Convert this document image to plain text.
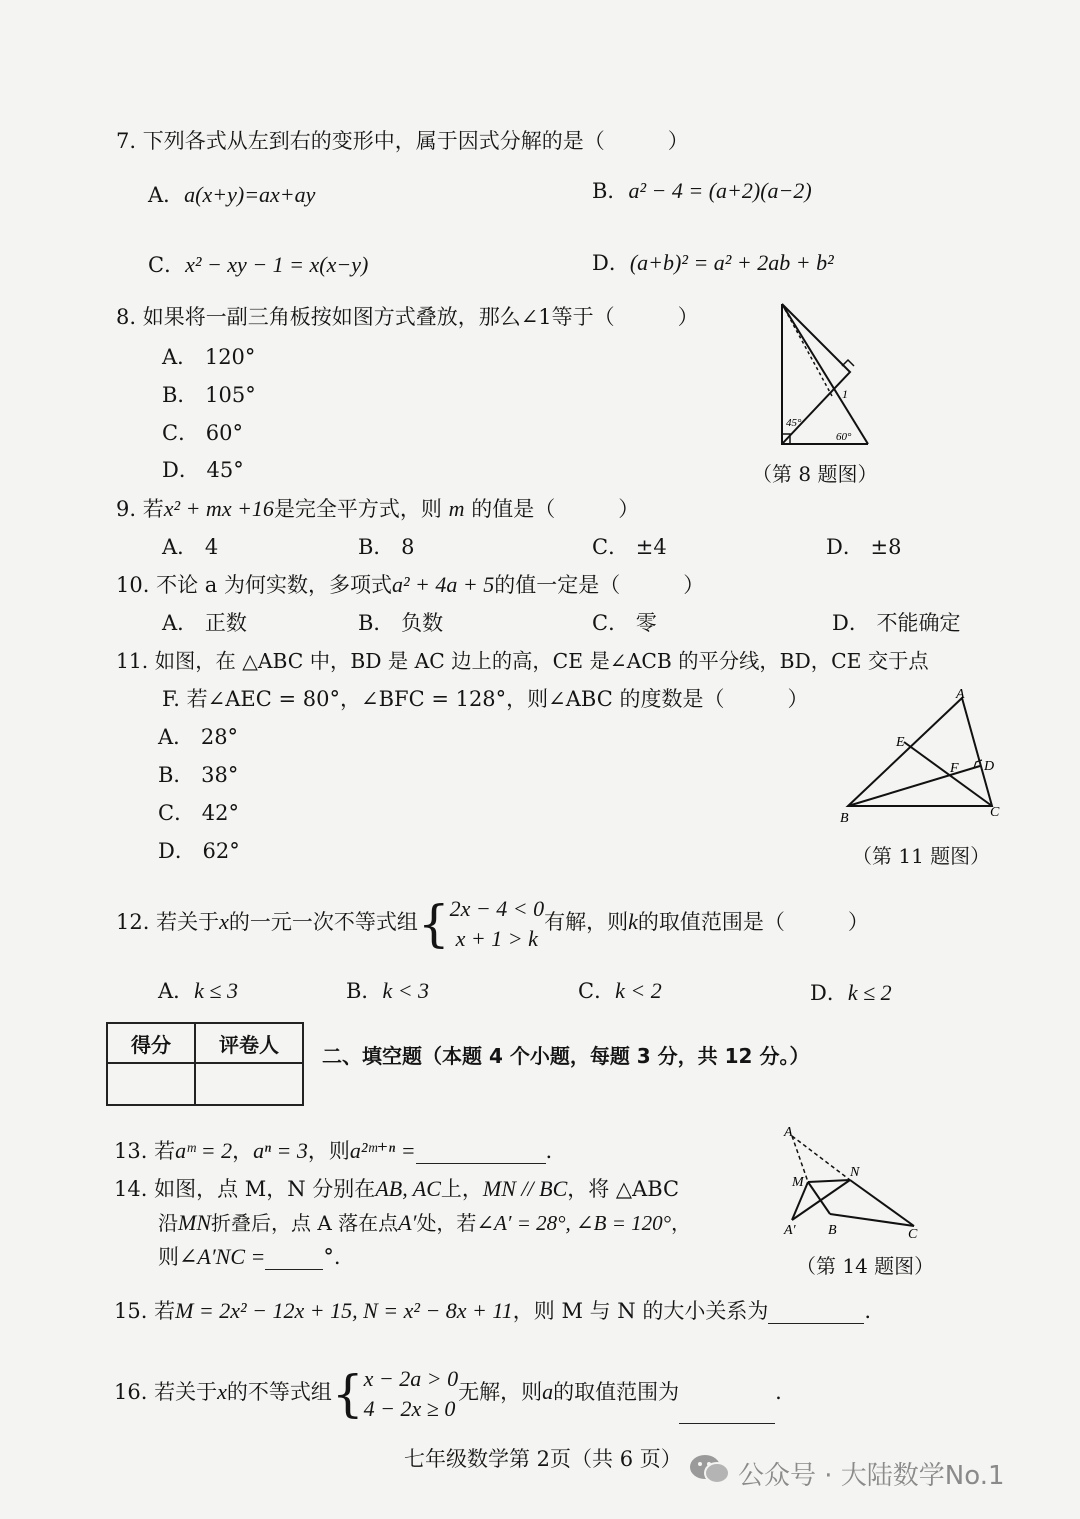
7. 下列各式从左到右的变形中，属于因式分解的是（　　　）
A．a(x+y)=ax+ay	B．a² − 4 = (a+2)(a−2)
C．x² − xy − 1 = x(x−y)	D．(a+b)² = a² + 2ab + b²
8. 如果将一副三角板按如图方式叠放，那么∠1等于（　　　）
A． 120°
B． 105°
C． 60°
D． 45°
45°
60°
1
（第 8 题图）
9. 若x² + mx +16是完全平方式，则 m 的值是（　　　）
A． 4	B． 8	C． ±4	D． ±8
10. 不论 a 为何实数，多项式a² + 4a + 5的值一定是（　　　）
A． 正数	B． 负数	C． 零	D． 不能确定
11. 如图，在 △ABC 中，BD 是 AC 边上的高，CE 是∠ACB 的平分线，BD，CE 交于点
F. 若∠AEC = 80°，∠BFC = 128°，则∠ABC 的度数是（　　　）
A． 28°
B． 38°
C． 42°
D． 62°
A
B	C
D
E
F
（第 11 题图）
12. 若关于x的一元一次不等式组{ 2x − 4 < 0
x + 1 > k
有解，则k的取值范围是（　　　）
A．k ≤ 3	B．k < 3	C．k < 2	D．k ≤ 2
得分	评卷人
	二、填空题（本题 4 个小题，每题 3 分，共 12 分。）
13. 若aᵐ = 2，aⁿ = 3，则a²ᵐ⁺ⁿ =	.
14. 如图，点 M，N 分别在AB, AC上，MN // BC，将 △ABC
沿MN折叠后，点 A 落在点A′处，若∠A′ = 28°, ∠B = 120°，
则∠A′NC =	°.
A
M
N
A′ B	C
（第 14 题图）
15. 若M = 2x² − 12x + 15, N = x² − 8x + 11，则 M 与 N 的大小关系为	.
16. 若关于x的不等式组{ x − 2a > 0
4 − 2x ≥ 0
无解，则a的取值范围为	.
七年级数学第 2页（共 6 页）
公众号 · 大陆数学No.1
